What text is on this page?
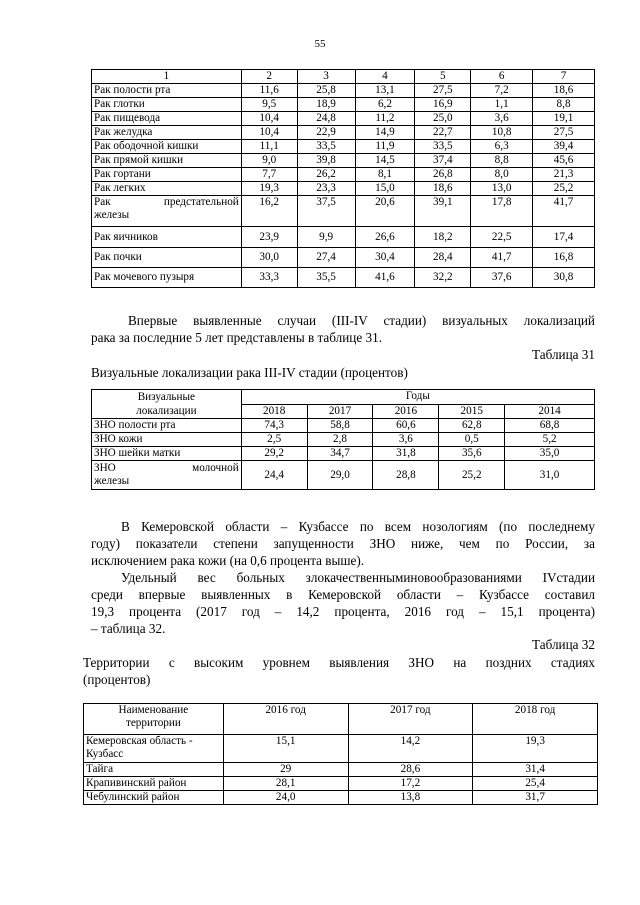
55
1	2	3	4	5	6	7
Рак полости рта	11,6	25,8	13,1	27,5	7,2	18,6
Рак глотки	9,5	18,9	6,2	16,9	1,1	8,8
Рак пищевода	10,4	24,8	11,2	25,0	3,6	19,1
Рак желудка	10,4	22,9	14,9	22,7	10,8	27,5
Рак ободочной кишки	11,1	33,5	11,9	33,5	6,3	39,4
Рак прямой кишки	9,0	39,8	14,5	37,4	8,8	45,6
Рак гортани	7,7	26,2	8,1	26,8	8,0	21,3
Рак легких	19,3	23,3	15,0	18,6	13,0	25,2

Рак предстательной
железы	16,2	37,5	20,6	39,1	17,8	41,7
Рак яичников	23,9	9,9	26,6	18,2	22,5	17,4
Рак почки	30,0	27,4	30,4	28,4	41,7	16,8
Рак мочевого пузыря	33,3	35,5	41,6	32,2	37,6	30,8
Впервые выявленные случаи (III-IV стадии) визуальных локализаций
рака за последние 5 лет представлены в таблице 31.
Таблица 31
Визуальные локализации рака III-IV стадии (процентов)
Визуальные
локализации	Годы				
	2018	2017	2016	2015	2014
ЗНО полости рта	74,3	58,8	60,6	62,8	68,8
ЗНО кожи	2,5	2,8	3,6	0,5	5,2
ЗНО шейки матки	29,2	34,7	31,8	35,6	35,0

ЗНО молочной
железы	24,4	29,0	28,8	25,2	31,0
В Кемеровской области – Кузбассе по всем нозологиям (по последнему
году) показатели степени запущенности ЗНО ниже, чем по России, за
исключением рака кожи (на 0,6 процента выше).
Удельный вес больных злокачественныминовообразованиями IVстадии
среди впервые выявленных в Кемеровской области – Кузбассе составил
19,3 процента (2017 год – 14,2 процента, 2016 год – 15,1 процента)
– таблица 32.
Таблица 32
Территории с высоким уровнем выявления ЗНО на поздних стадиях
(процентов)
Наименование
территории	2016 год	2017 год	2018 год

Кемеровская область -
Кузбасс	15,1	14,2	19,3
Тайга	29	28,6	31,4
Крапивинский район	28,1	17,2	25,4
Чебулинский район	24,0	13,8	31,7
